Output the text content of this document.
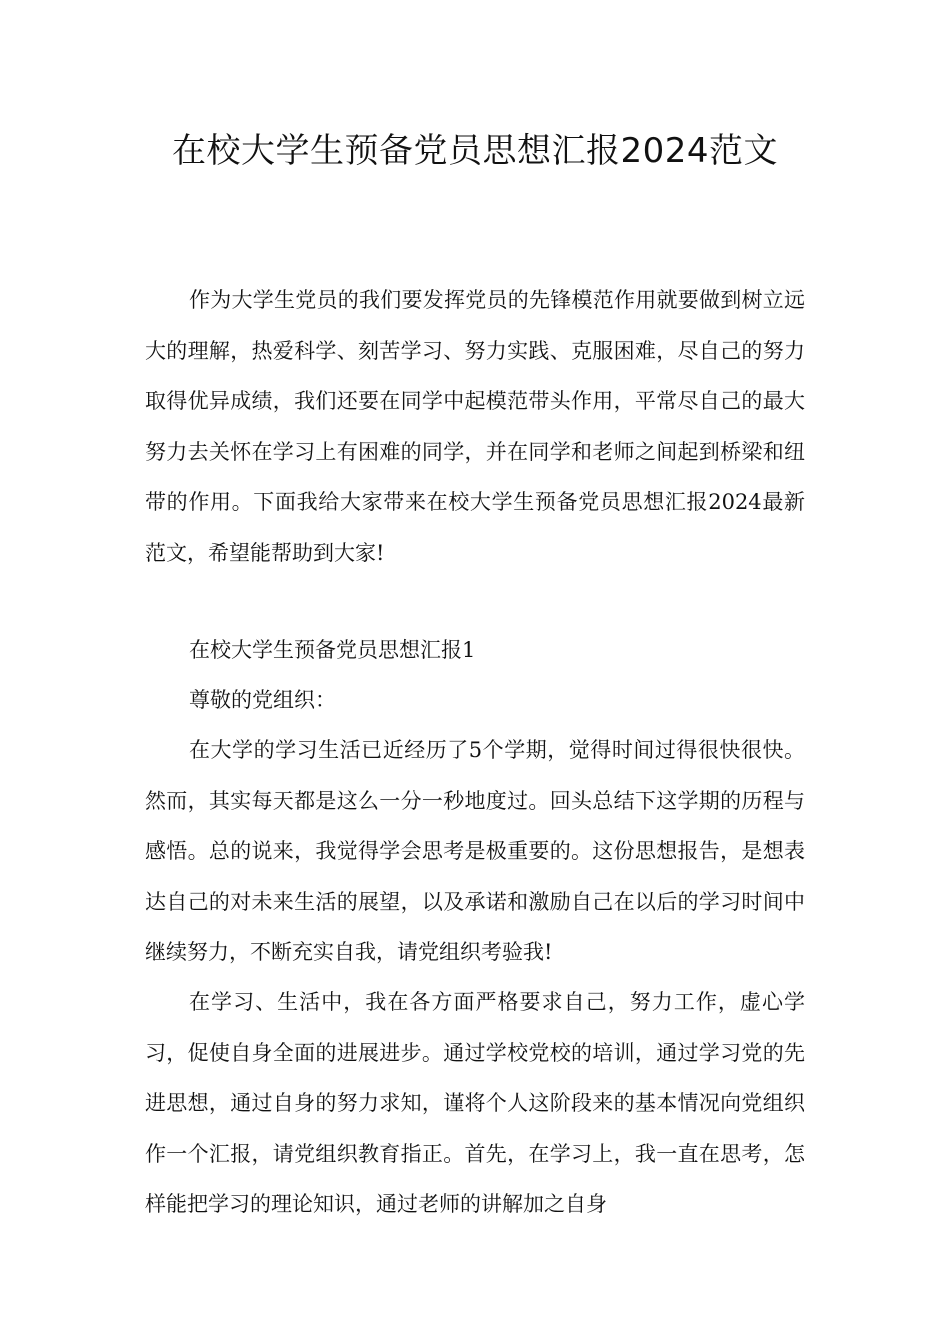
在校大学生预备党员思想汇报2024范文

作为大学生党员的我们要发挥党员的先锋模范作用就要做到树立远大的理解，热爱科学、刻苦学习、努力实践、克服困难，尽自己的努力取得优异成绩，我们还要在同学中起模范带头作用，平常尽自己的最大努力去关怀在学习上有困难的同学，并在同学和老师之间起到桥梁和纽带的作用。下面我给大家带来在校大学生预备党员思想汇报2024最新范文，希望能帮助到大家!

在校大学生预备党员思想汇报1

尊敬的党组织：

在大学的学习生活已近经历了5个学期，觉得时间过得很快很快。然而，其实每天都是这么一分一秒地度过。回头总结下这学期的历程与感悟。总的说来，我觉得学会思考是极重要的。这份思想报告，是想表达自己的对未来生活的展望，以及承诺和激励自己在以后的学习时间中继续努力，不断充实自我，请党组织考验我!

在学习、生活中，我在各方面严格要求自己，努力工作，虚心学习，促使自身全面的进展进步。通过学校党校的培训，通过学习党的先进思想，通过自身的努力求知，谨将个人这阶段来的基本情况向党组织作一个汇报，请党组织教育指正。首先，在学习上，我一直在思考，怎样能把学习的理论知识，通过老师的讲解加之自身
